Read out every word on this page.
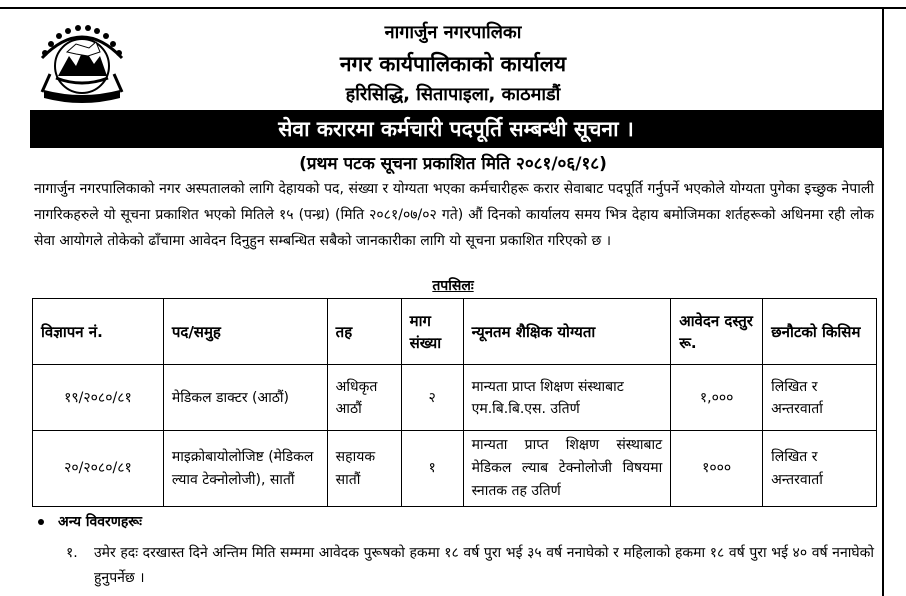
नागार्जुन नगरपालिका
नगर कार्यपालिकाको कार्यालय
हरिसिद्धि, सितापाइला, काठमाडौं
सेवा करारमा कर्मचारी पदपूर्ति सम्बन्धी सूचना ।
(प्रथम पटक सूचना प्रकाशित मिति २०८१/०६/१८)

नागार्जुन नगरपालिकाको नगर अस्पतालको लागि देहायको पद, संख्या र योग्यता भएका कर्मचारीहरू करार सेवाबाट पदपूर्ति गर्नुपर्ने भएकोले योग्यता पुगेका इच्छुक नेपाली नागरिकहरुले यो सूचना प्रकाशित भएको मितिले १५ (पन्ध्र) (मिति २०८१/०७/०२ गते) औं दिनको कार्यालय समय भित्र देहाय बमोजिमका शर्तहरूको अधिनमा रही लोक सेवा आयोगले तोकेको ढाँचामा आवेदन दिनुहुन सम्बन्धित सबैको जानकारीका लागि यो सूचना प्रकाशित गरिएको छ ।

तपसिलः
विज्ञापन नं.	पद/समुह	तह	माग संख्या	न्यूनतम शैक्षिक योग्यता	आवेदन दस्तुर रू.	छनौटको किसिम
१९/२०८०/८१	मेडिकल डाक्टर (आठौं)	अधिकृत आठौं	२	मान्यता प्राप्त शिक्षण संस्थाबाट एम.बि.बि.एस. उतिर्ण	१,०००	लिखित र अन्तरवार्ता
२०/२०८०/८१	माइक्रोबायोलोजिष्ट (मेडिकल ल्याव टेक्नोलोजी), सातौं	सहायक सातौं	१	मान्यता प्राप्त शिक्षण संस्थाबाट मेडिकल ल्याब टेक्नोलोजी विषयमा स्नातक तह उतिर्ण	१०००	लिखित र अन्तरवार्ता
अन्य विवरणहरूः
१.	उमेर हदः दरखास्त दिने अन्तिम मिति सम्ममा आवेदक पुरूषको हकमा १८ वर्ष पुरा भई ३५ वर्ष ननाघेको र महिलाको हकमा १८ वर्ष पुरा भई ४० वर्ष ननाघेको हुनुपर्नेछ ।
